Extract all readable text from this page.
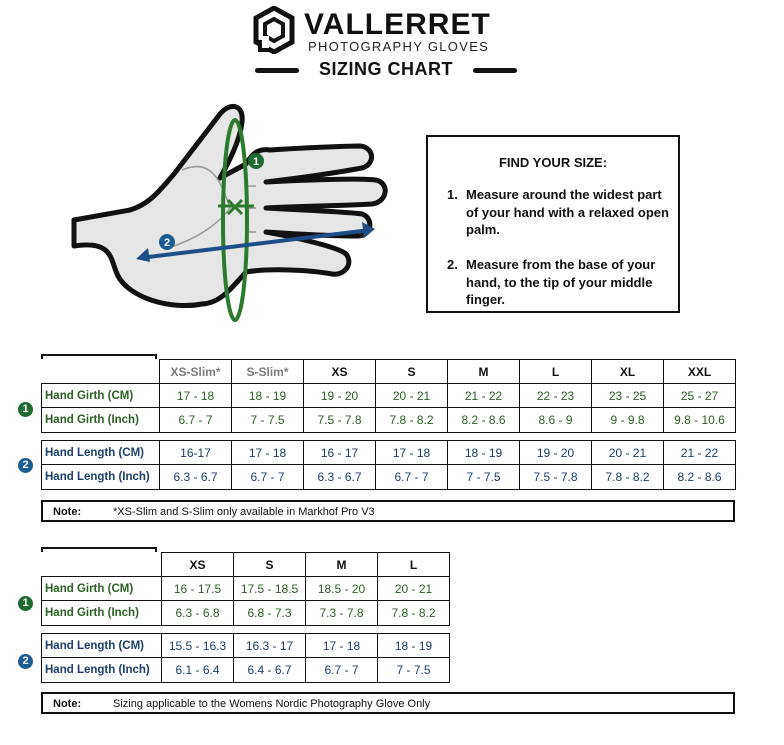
VALLERRET
PHOTOGRAPHY GLOVES
SIZING CHART
1
2
FIND YOUR SIZE:
1. Measure around the widest part of your hand with a relaxed open palm.
2. Measure from the base of your hand, to the tip of your middle finger.
	XS-Slim*	S-Slim*	XS	S	M	L	XL	XXL
Hand Girth (CM)	17 - 18	18 - 19	19 - 20	20 - 21	21 - 22	22 - 23	23 - 25	25 - 27
Hand Girth (Inch)	6.7 - 7	7 - 7.5	7.5 - 7.8	7.8 - 8.2	8.2 - 8.6	8.6 - 9	9 - 9.8	9.8 - 10.6

Hand Length (CM)	16-17	17 - 18	16 - 17	17 - 18	18 - 19	19 - 20	20 - 21	21 - 22
Hand Length (Inch)	6.3 - 6.7	6.7 - 7	6.3 - 6.7	6.7 - 7	7 - 7.5	7.5 - 7.8	7.8 - 8.2	8.2 - 8.6
1
2
Note:	*XS-Slim and S-Slim only available in Markhof Pro V3
	XS	S	M	L
Hand Girth (CM)	16 - 17.5	17.5 - 18.5	18.5 - 20	20 - 21
Hand Girth (Inch)	6.3 - 6.8	6.8 - 7.3	7.3 - 7.8	7.8 - 8.2

Hand Length (CM)	15.5 - 16.3	16.3 - 17	17 - 18	18 - 19
Hand Length (Inch)	6.1 - 6.4	6.4 - 6.7	6.7 - 7	7 - 7.5
1
2
Note:	Sizing applicable to the Womens Nordic Photography Glove Only
